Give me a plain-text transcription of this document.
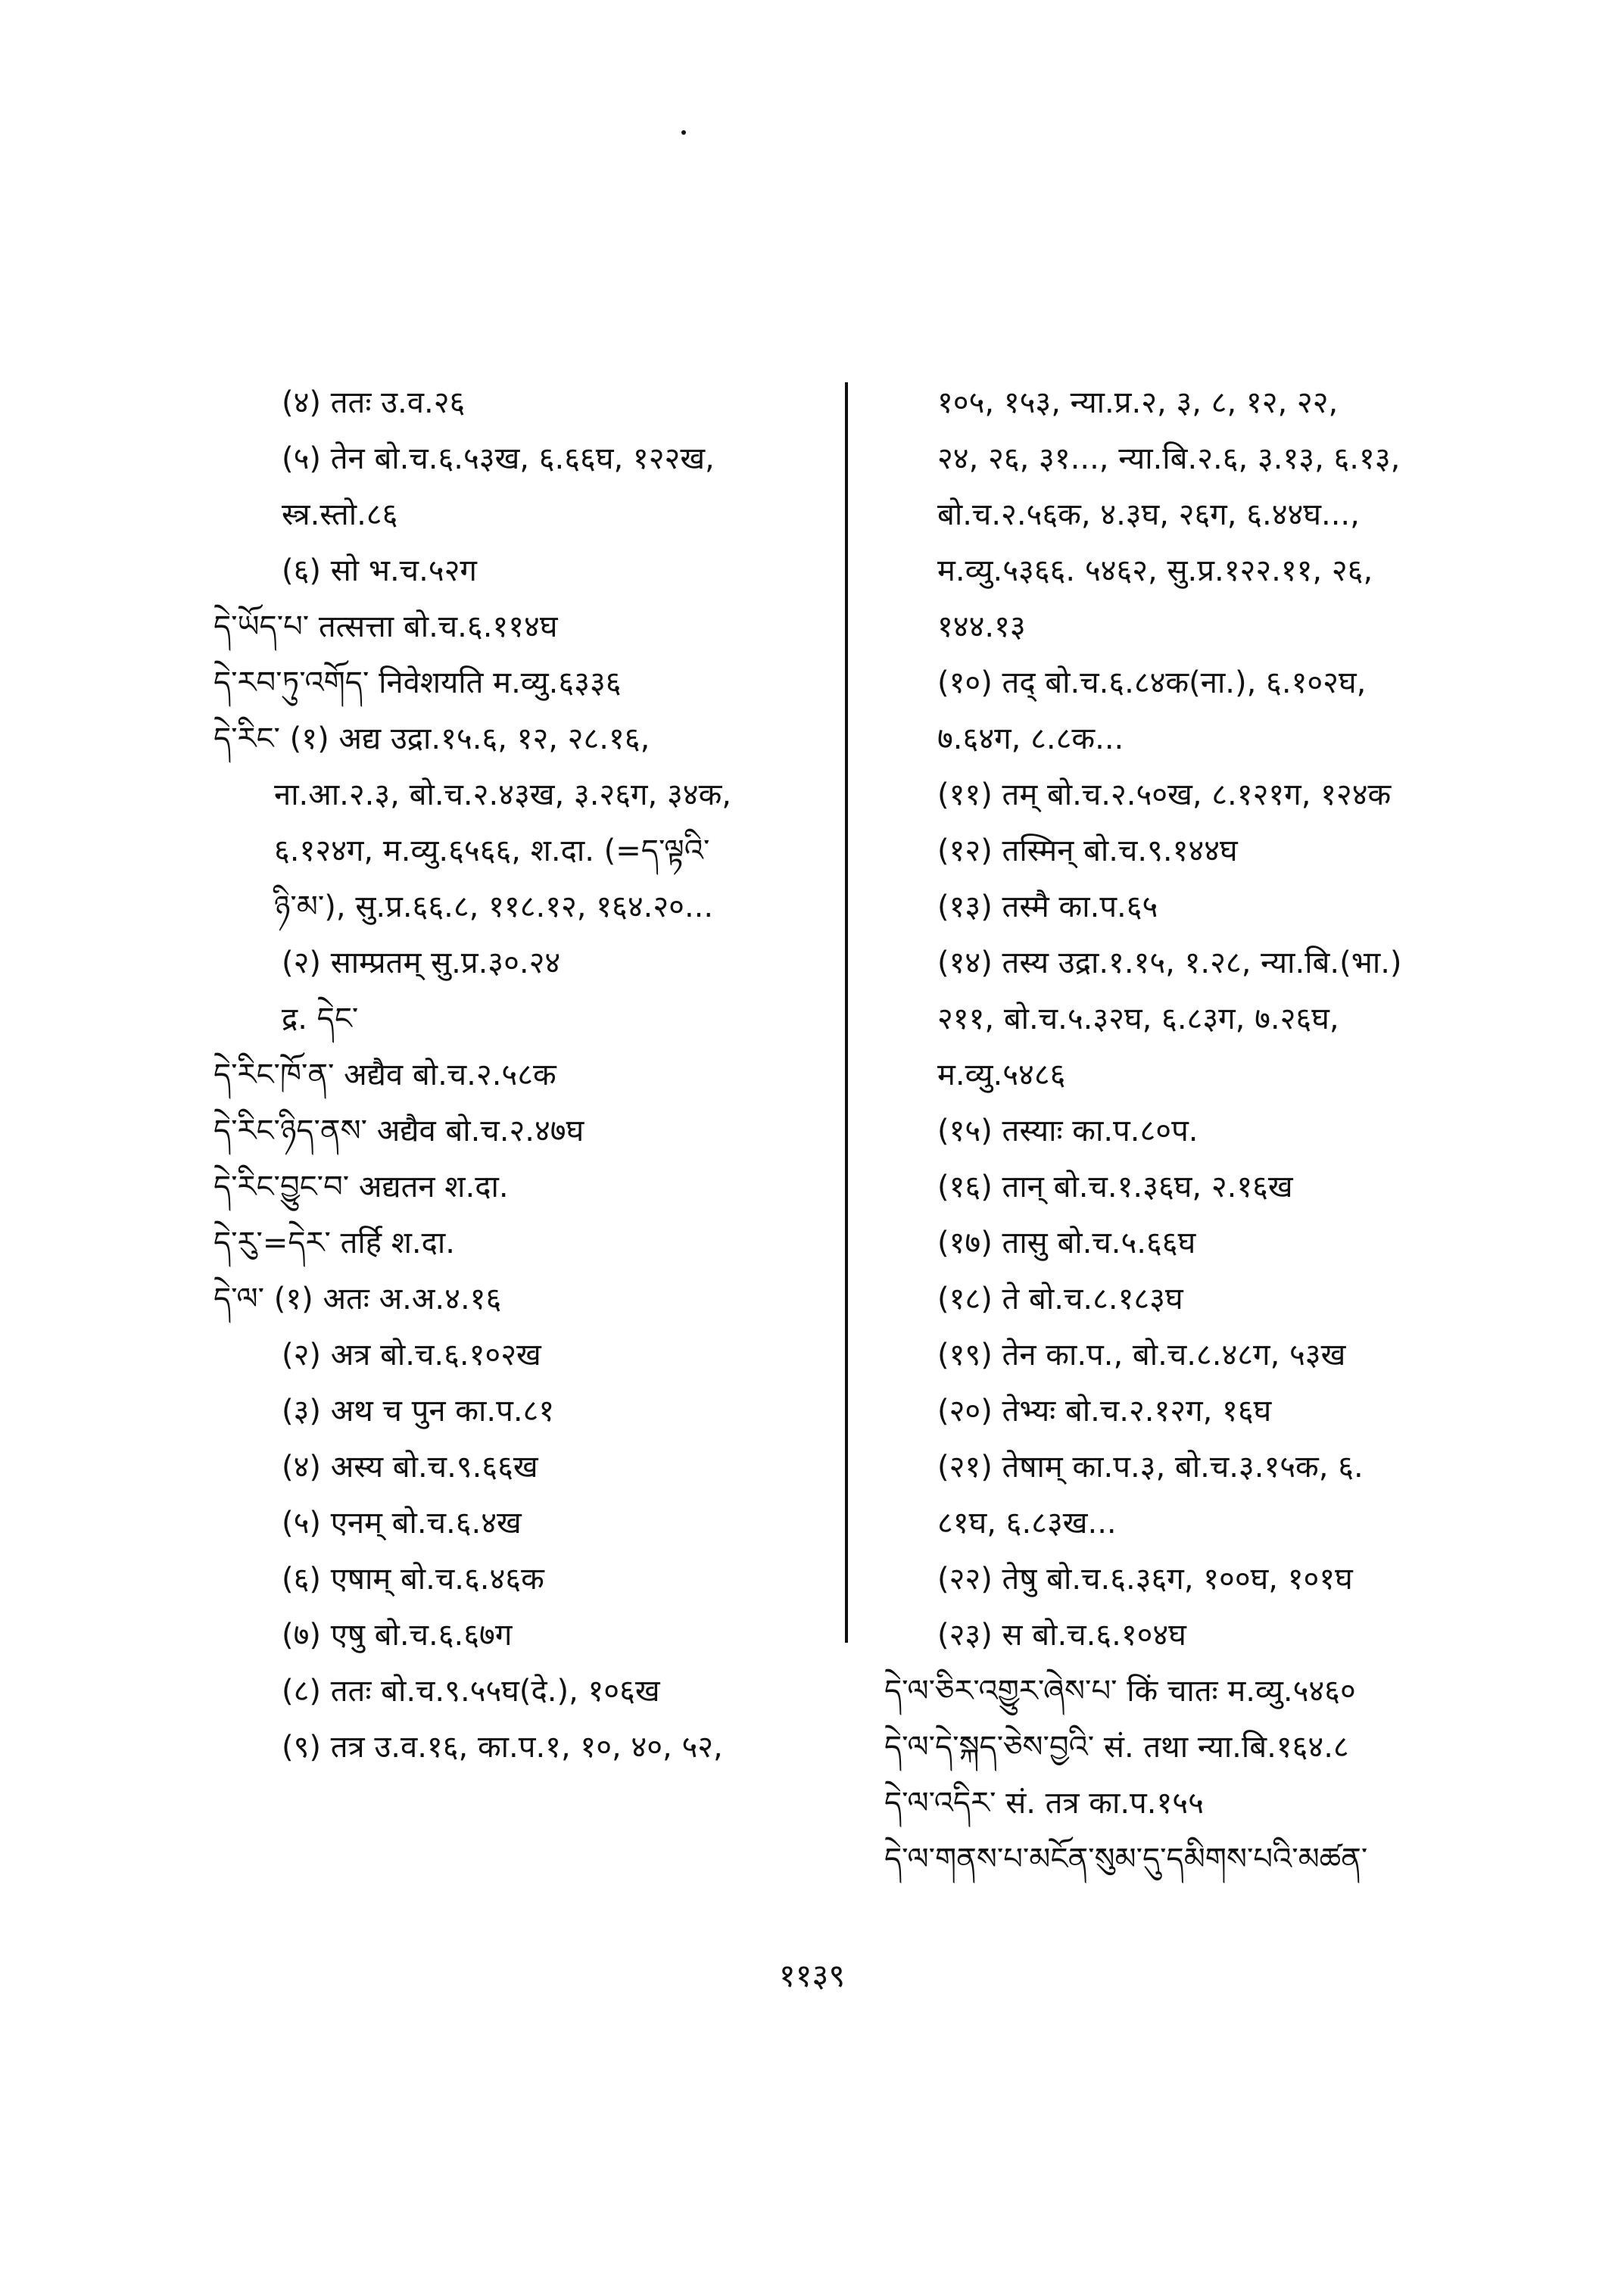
(४) ततः उ.व.२६
(५) तेन बो.च.६.५३ख, ६.६६घ, १२२ख,
स्त्र.स्तो.८६
(६) सो भ.च.५२ग
དེ་ཡོད་པ་ तत्सत्ता बो.च.६.११४घ
དེ་རབ་ཏུ་འགོད་ निवेशयति म.व्यु.६३३६
དེ་རིང་ (१) अद्य उद्रा.१५.६, १२, २८.१६,
ना.आ.२.३, बो.च.२.४३ख, ३.२६ग, ३४क,
६.१२४ग, म.व्यु.६५६६, श.दा. (=ད་ལྟའི་
ཉི་མ་), सु.प्र.६६.८, ११८.१२, १६४.२०...
(२) साम्प्रतम् सु.प्र.३०.२४
द्र. དེང་
དེ་རིང་ཁོ་ན་ अद्यैव बो.च.२.५८क
དེ་རིང་ཉིད་ནས་ अद्यैव बो.च.२.४७घ
དེ་རིང་བྱུང་བ་ अद्यतन श.दा.
དེ་རུ་=དེར་ तर्हि श.दा.
དེ་ལ་ (१) अतः अ.अ.४.१६
(२) अत्र बो.च.६.१०२ख
(३) अथ च पुन का.प.८१
(४) अस्य बो.च.९.६६ख
(५) एनम् बो.च.६.४ख
(६) एषाम् बो.च.६.४६क
(७) एषु बो.च.६.६७ग
(८) ततः बो.च.९.५५घ(दे.), १०६ख
(९) तत्र उ.व.१६, का.प.१, १०, ४०, ५२,
१०५, १५३, न्या.प्र.२, ३, ८, १२, २२,
२४, २६, ३१..., न्या.बि.२.६, ३.१३, ६.१३,
बो.च.२.५६क, ४.३घ, २६ग, ६.४४घ...,
म.व्यु.५३६६. ५४६२, सु.प्र.१२२.११, २६,
१४४.१३
(१०) तद् बो.च.६.८४क(ना.), ६.१०२घ,
७.६४ग, ८.८क...
(११) तम् बो.च.२.५०ख, ८.१२१ग, १२४क
(१२) तस्मिन् बो.च.९.१४४घ
(१३) तस्मै का.प.६५
(१४) तस्य उद्रा.१.१५, १.२८, न्या.बि.(भा.)
२११, बो.च.५.३२घ, ६.८३ग, ७.२६घ,
म.व्यु.५४८६
(१५) तस्याः का.प.८०प.
(१६) तान् बो.च.१.३६घ, २.१६ख
(१७) तासु बो.च.५.६६घ
(१८) ते बो.च.८.१८३घ
(१९) तेन का.प., बो.च.८.४८ग, ५३ख
(२०) तेभ्यः बो.च.२.१२ग, १६घ
(२१) तेषाम् का.प.३, बो.च.३.१५क, ६.
८१घ, ६.८३ख...
(२२) तेषु बो.च.६.३६ग, १००घ, १०१घ
(२३) स बो.च.६.१०४घ
དེ་ལ་ཅིར་འགྱུར་ཞེས་པ་ किं चातः म.व्यु.५४६०
དེ་ལ་དེ་སྐད་ཅེས་བྱའི་ सं. तथा न्या.बि.१६४.८
དེ་ལ་འདིར་ सं. तत्र का.प.१५५
དེ་ལ་གནས་པ་མངོན་སུམ་དུ་དམིགས་པའི་མཚན་
११३९
